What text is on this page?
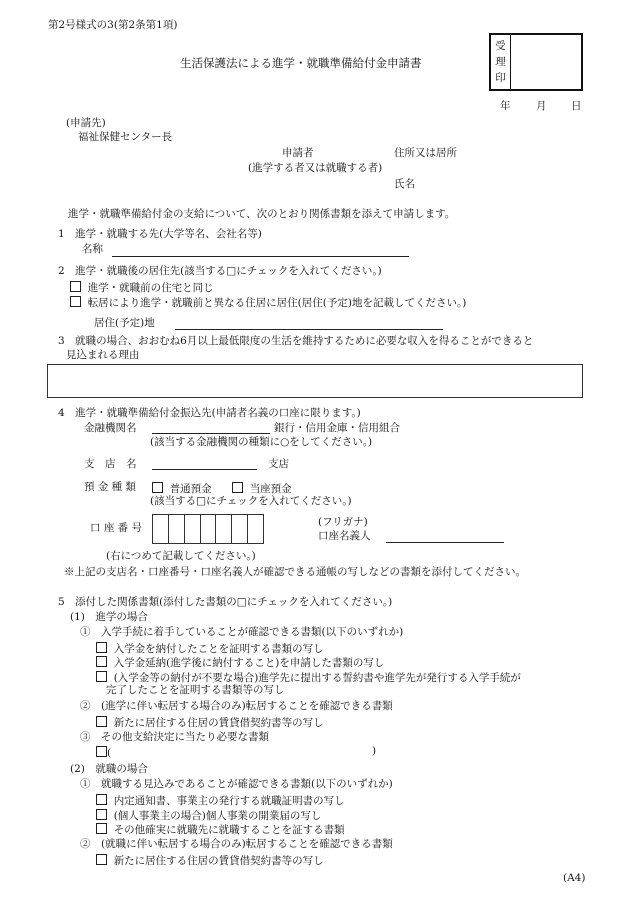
第2号様式の3(第2条第1項)
生活保護法による進学・就職準備給付金申請書
受
理
印
年 月 日
(申請先)
福祉保健センター長
申請者	住所又は居所
(進学する者又は就職する者)
氏名
進学・就職準備給付金の支給について、次のとおり関係書類を添えて申請します。
1　進学・就職する先(大学等名、会社名等)
名称
2　進学・就職後の居住先(該当する□にチェックを入れてください。)
進学・就職前の住宅と同じ
転居により進学・就職前と異なる住居に居住(居住(予定)地を記載してください。)
居住(予定)地
3　就職の場合、おおむね6月以上最低限度の生活を維持するために必要な収入を得ることができると
見込まれる理由
4　進学・就職準備給付金振込先(申請者名義の口座に限ります。)
金融機関名	銀行・信用金庫・信用組合
(該当する金融機関の種類に○をしてください。)
支　店　名	支店
預 金 種 類	普通預金	当座預金
(該当する□にチェックを入れてください。)
口 座 番 号	(フリガナ)
口座名義人
(右につめて記載してください。)
※上記の支店名・口座番号・口座名義人が確認できる通帳の写しなどの書類を添付してください。
5　添付した関係書類(添付した書類の□にチェックを入れてください。)
(1)　進学の場合
①　入学手続に着手していることが確認できる書類(以下のいずれか)
入学金を納付したことを証明する書類の写し
入学金延納(進学後に納付すること)を申請した書類の写し
(入学金等の納付が不要な場合)進学先に提出する誓約書や進学先が発行する入学手続が
完了したことを証明する書類等の写し
②　(進学に伴い転居する場合のみ)転居することを確認できる書類
新たに居住する住居の賃貸借契約書等の写し
③　その他支給決定に当たり必要な書類
(	)
(2)　就職の場合
①　就職する見込みであることが確認できる書類(以下のいずれか)
内定通知書、事業主の発行する就職証明書の写し
(個人事業主の場合)個人事業の開業届の写し
その他確実に就職先に就職することを証する書類
②　(就職に伴い転居する場合のみ)転居することを確認できる書類
新たに居住する住居の賃貸借契約書等の写し
(A4)
